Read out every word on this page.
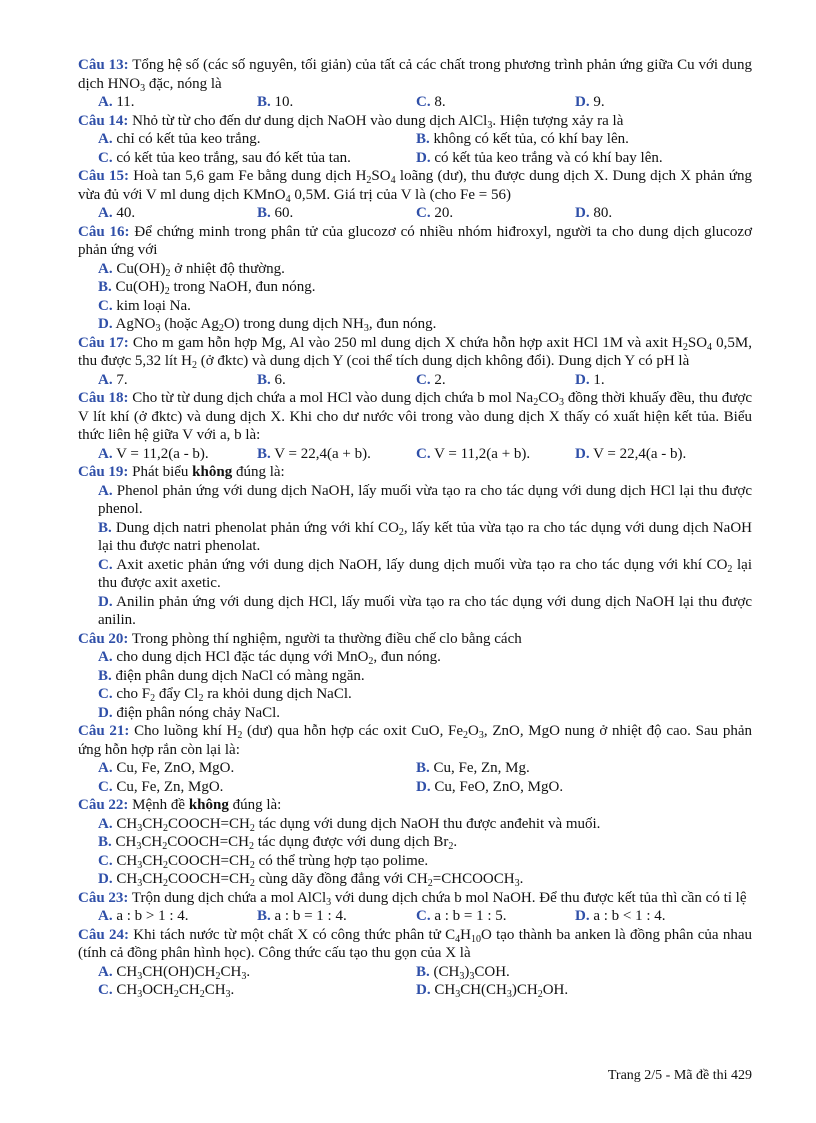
Câu 13: Tổng hệ số (các số nguyên, tối giản) của tất cả các chất trong phương trình phản ứng giữa Cu với dung dịch $HNO_3$ đặc, nóng là

A. 11.	B. 10.	C. 8.	D. 9.

Câu 14: Nhỏ từ từ cho đến dư dung dịch NaOH vào dung dịch AlCl$_3$. Hiện tượng xảy ra là

A. chỉ có kết tủa keo trắng.	B. không có kết tủa, có khí bay lên.
C. có kết tủa keo trắng, sau đó kết tủa tan.	D. có kết tủa keo trắng và có khí bay lên.

Câu 15: Hoà tan 5,6 gam Fe bằng dung dịch $H_2SO_4$ loãng (dư), thu được dung dịch X. Dung dịch X phản ứng vừa đủ với V ml dung dịch KMnO$_4$ 0,5M. Giá trị của V là (cho Fe = 56)

A. 40.	B. 60.	C. 20.	D. 80.

Câu 16: Để chứng minh trong phân tử của glucozơ có nhiều nhóm hiđroxyl, người ta cho dung dịch glucozơ phản ứng với

A. $Cu(OH)_2$ ở nhiệt độ thường.
B. $Cu(OH)_2$ trong NaOH, đun nóng.
C. kim loại Na.
D. AgNO$_3$ (hoặc $Ag_2O$) trong dung dịch $NH_3$, đun nóng.

Câu 17: Cho m gam hỗn hợp Mg, Al vào 250 ml dung dịch X chứa hỗn hợp axit HCl 1M và axit $H_2SO_4$ 0,5M, thu được 5,32 lít $H_2$ (ở đktc) và dung dịch Y (coi thể tích dung dịch không đổi). Dung dịch Y có pH là

A. 7.	B. 6.	C. 2.	D. 1.

Câu 18: Cho từ từ dung dịch chứa a mol HCl vào dung dịch chứa b mol $Na_2CO_3$ đồng thời khuấy đều, thu được V lít khí (ở đktc) và dung dịch X. Khi cho dư nước vôi trong vào dung dịch X thấy có xuất hiện kết tủa. Biểu thức liên hệ giữa V với a, b là:

A. V = 11,2(a - b).	B. V = 22,4(a + b).	C. V = 11,2(a + b).	D. V = 22,4(a - b).

Câu 19: Phát biểu không đúng là:

A. Phenol phản ứng với dung dịch NaOH, lấy muối vừa tạo ra cho tác dụng với dung dịch HCl lại thu được phenol.
B. Dung dịch natri phenolat phản ứng với khí $CO_2$, lấy kết tủa vừa tạo ra cho tác dụng với dung dịch NaOH lại thu được natri phenolat.
C. Axit axetic phản ứng với dung dịch NaOH, lấy dung dịch muối vừa tạo ra cho tác dụng với khí $CO_2$ lại thu được axit axetic.
D. Anilin phản ứng với dung dịch HCl, lấy muối vừa tạo ra cho tác dụng với dung dịch NaOH lại thu được anilin.

Câu 20: Trong phòng thí nghiệm, người ta thường điều chế clo bằng cách

A. cho dung dịch HCl đặc tác dụng với MnO$_2$, đun nóng.
B. điện phân dung dịch NaCl có màng ngăn.
C. cho $F_2$ đẩy $Cl_2$ ra khỏi dung dịch NaCl.
D. điện phân nóng chảy NaCl.

Câu 21: Cho luồng khí $H_2$ (dư) qua hỗn hợp các oxit CuO, $Fe_2O_3$, ZnO, MgO nung ở nhiệt độ cao. Sau phản ứng hỗn hợp rắn còn lại là:

A. Cu, Fe, ZnO, MgO.	B. Cu, Fe, Zn, Mg.
C. Cu, Fe, Zn, MgO.	D. Cu, FeO, ZnO, MgO.

Câu 22: Mệnh đề không đúng là:

A. $CH_3CH_2COOCH=CH_2$ tác dụng với dung dịch NaOH thu được anđehit và muối.
B. $CH_3CH_2COOCH=CH_2$ tác dụng được với dung dịch $Br_2$.
C. $CH_3CH_2COOCH=CH_2$ có thể trùng hợp tạo polime.
D. $CH_3CH_2COOCH=CH_2$ cùng dãy đồng đẳng với $CH_2=CHCOOCH_3$.

Câu 23: Trộn dung dịch chứa a mol AlCl$_3$ với dung dịch chứa b mol NaOH. Để thu được kết tủa thì cần có tỉ lệ

A. a : b > 1 : 4.	B. a : b = 1 : 4.	C. a : b = 1 : 5.	D. a : b < 1 : 4.

Câu 24: Khi tách nước từ một chất X có công thức phân tử $C_4H_{10}O$ tạo thành ba anken là đồng phân của nhau (tính cả đồng phân hình học). Công thức cấu tạo thu gọn của X là

A. $CH_3CH(OH)CH_2CH_3$.	B. $(CH_3)_3COH$.
C. $CH_3OCH_2CH_2CH_3$.	D. $CH_3CH(CH_3)CH_2OH$.
Trang 2/5 - Mã đề thi 429
